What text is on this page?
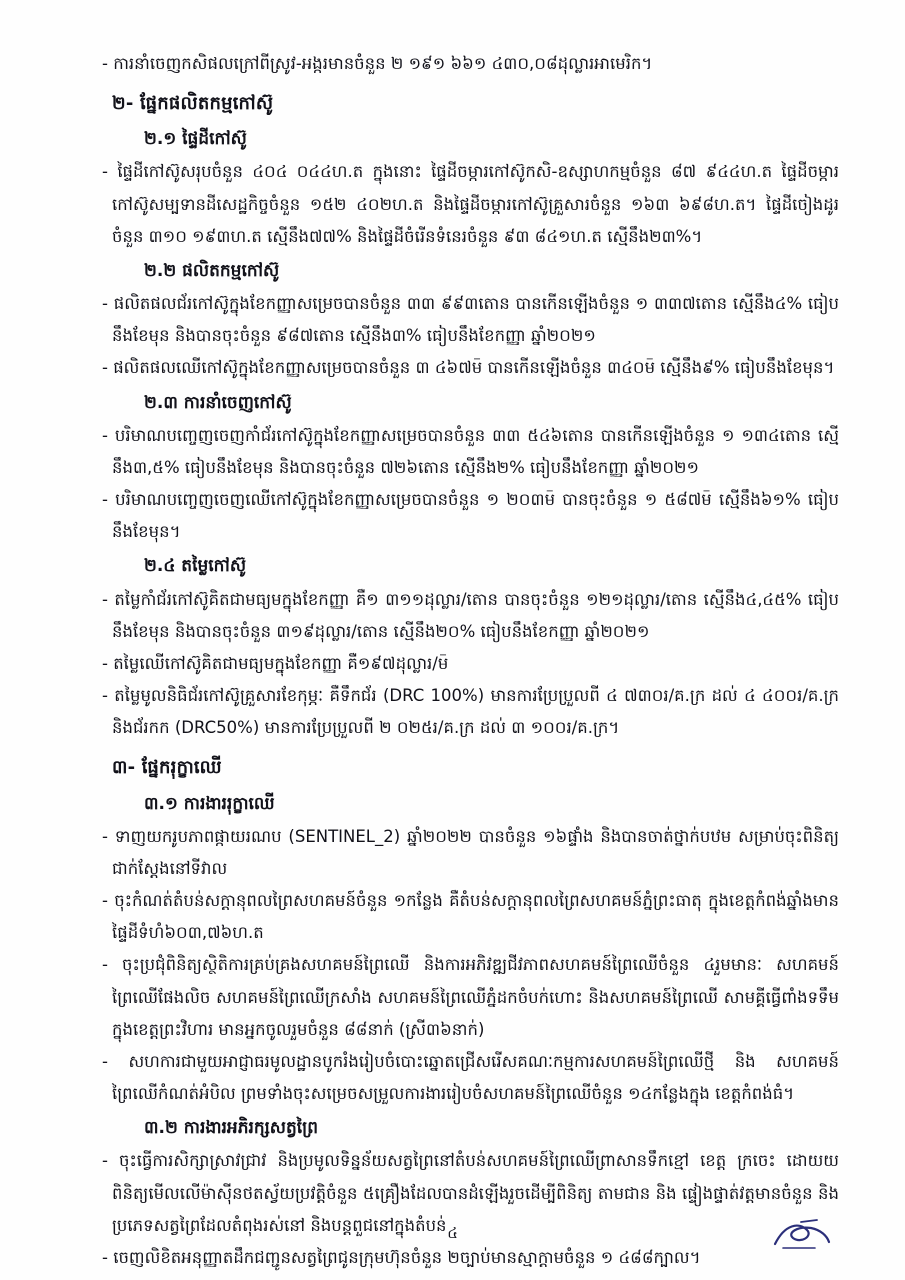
- ការនាំចេញកសិផលក្រៅពីស្រូវ-អង្ករមានចំនួន ២ ១៩១ ៦៦១ ៤៣០,០៨ដុល្លារអាមេរិក។
២- ផ្នែកផលិតកម្មកៅស៊ូ
២.១ ផ្ទៃដីកៅស៊ូ
- ផ្ទៃដីកៅស៊ូសរុបចំនួន ៤០៤ ០៤៤ហ.ត ក្នុងនោះ ផ្ទៃដីចម្ការកៅស៊ូកសិ-ឧស្សាហកម្មចំនួន ៨៧ ៩៤៤ហ.ត ផ្ទៃដីចម្ការកៅស៊ូសម្បទានដីសេដ្ឋកិច្ចចំនួន ១៥២ ៤០២ហ.ត និងផ្ទៃដីចម្ការកៅស៊ូគ្រួសារចំនួន ១៦៣ ៦៩៨ហ.ត។ ផ្ទៃដីចៀងដូរចំនួន ៣១០ ១៩៣ហ.ត ស្មើនឹង៧៧% និងផ្ទៃដីចំរើនទំនេរចំនួន ៩៣ ៨៤១ហ.ត ស្មើនឹង២៣%។
២.២ ផលិតកម្មកៅស៊ូ
- ផលិតផលជ័រកៅស៊ូក្នុងខែកញ្ញាសម្រេចបានចំនួន ៣៣ ៩៩៣តោន បានកើនឡើងចំនួន ១ ៣៣៧តោន ស្មើនឹង៤% ធៀបនឹងខែមុន និងបានចុះចំនួន ៩៨៧តោន ស្មើនឹង៣% ធៀបនឹងខែកញ្ញា ឆ្នាំ២០២១
- ផលិតផលឈើកៅស៊ូក្នុងខែកញ្ញាសម្រេចបានចំនួន ៣ ៤៦៧ម៑ បានកើនឡើងចំនួន ៣៤០ម៑ ស្មើនឹង៩% ធៀបនឹងខែមុន។
២.៣ ការនាំចេញកៅស៊ូ
- បរិមាណបញ្ចេញចេញកាំជ័រកៅស៊ូក្នុងខែកញ្ញាសម្រេចបានចំនួន ៣៣ ៥៤៦តោន បានកើនឡើងចំនួន ១ ១៣៤តោន ស្មើនឹង៣,៥% ធៀបនឹងខែមុន និងបានចុះចំនួន ៧២៦តោន ស្មើនឹង២% ធៀបនឹងខែកញ្ញា ឆ្នាំ២០២១
- បរិមាណបញ្ចេញចេញឈើកៅស៊ូក្នុងខែកញ្ញាសម្រេចបានចំនួន ១ ២០៣ម៑ បានចុះចំនួន ១ ៥៨៧ម៑ ស្មើនឹង៦១% ធៀបនឹងខែមុន។
២.៤ តម្លៃកៅស៊ូ
- តម្លៃកាំជ័រកៅស៊ូគិតជាមធ្យមក្នុងខែកញ្ញា គឺ១ ៣១១ដុល្លារ/តោន បានចុះចំនួន ១២១ដុល្លារ/តោន ស្មើនឹង៤,៤៥% ធៀបនឹងខែមុន និងបានចុះចំនួន ៣១៩ដុល្លារ/តោន ស្មើនឹង២០% ធៀបនឹងខែកញ្ញា ឆ្នាំ២០២១
- តម្លៃឈើកៅស៊ូគិតជាមធ្យមក្នុងខែកញ្ញា គឺ១៩៧ដុល្លារ/ម៑
- តម្លៃមូលនិធិជ័រកៅស៊ូគ្រួសារខែកុម្ភៈ គឺទឹកជ័រ (DRC 100%) មានការប្រែប្រួលពី ៤ ៧៣០រ/គ.ក្រ ដល់ ៤ ៤០០រ/គ.ក្រ និងជ័រកក (DRC50%) មានការប្រែប្រួលពី ២ ០២៥រ/គ.ក្រ ដល់ ៣ ១០០រ/គ.ក្រ។
៣- ផ្នែករុក្ខាឈើ
៣.១ ការងាររុក្ខាឈើ
- ទាញយករូបភាពផ្កាយរណប (SENTINEL_2) ឆ្នាំ២០២២ បានចំនួន ១៦ផ្ទាំង និងបានចាត់ថ្នាក់បឋម សម្រាប់ចុះពិនិត្យជាក់ស្ដែងនៅទីវាល
- ចុះកំណត់តំបន់សក្ដានុពលព្រៃសហគមន៍ចំនួន ១កន្លែង គឺតំបន់សក្ដានុពលព្រៃសហគមន៍ភ្នំព្រះធាតុ ក្នុងខេត្តកំពង់ឆ្នាំងមានផ្ទៃដីទំហំ៦០៣,៧៦ហ.ត
- ចុះប្រជុំពិនិត្យស្ថិតិការគ្រប់គ្រងសហគមន៍ព្រៃឈើ និងការអភិវឌ្ឍជីវភាពសហគមន៍ព្រៃឈើចំនួន ៤រួមមានៈ សហគមន៍ព្រៃឈើផែងលិច សហគមន៍ព្រៃឈើក្រសាំង សហគមន៍ព្រៃឈើភ្នំដកចំបក់ហោះ និងសហគមន៍ព្រៃឈើ សាមគ្គីធ្វើពាំងទទឹម ក្នុងខេត្តព្រះវិហារ មានអ្នកចូលរួមចំនួន ៨៨នាក់ (ស្រី៣៦នាក់)
- សហការជាមួយអាជ្ញាធរមូលដ្ឋានបូករំងរៀបចំបោះឆ្នោតជ្រើសរើសគណៈកម្មការសហគមន៍ព្រៃឈើថ្មី និង សហគមន៍ព្រៃឈើកំណត់អំបិល ព្រមទាំងចុះសម្រេចសម្រួលការងាររៀបចំសហគមន៍ព្រៃឈើចំនួន ១៤កន្លែងក្នុង ខេត្តកំពង់ធំ។
៣.២ ការងារអភិរក្សសត្វព្រៃ
- ចុះធ្វើការសិក្សាស្រាវជ្រាវ និងប្រមូលទិន្នន័យសត្វព្រៃនៅតំបន់សហគមន៍ព្រៃឈើព្រាសានទឹកខ្មៅ ខេត្ត ក្រចេះ ដោយយពិនិត្យមើលលើម៉ាស៊ីនថតស្វ័យប្រវត្តិចំនួន ៥គ្រឿងដែលបានដំឡើងរួចដើម្បីពិនិត្យ តាមជាន និង ផ្ទៀងផ្ទាត់វត្តមានចំនួន និងប្រភេទសត្វព្រៃដែលតំពុងរស់នៅ និងបន្តពួជនៅក្នុងតំបន់
- ចេញលិខិតអនុញ្ញាតដឹកជញ្ជូនសត្វព្រៃជូនក្រុមហ៊ុនចំនួន ២ច្បាប់មានស្មាក្តាមចំនួន ១ ៤៨៨ក្បាល។
៤
